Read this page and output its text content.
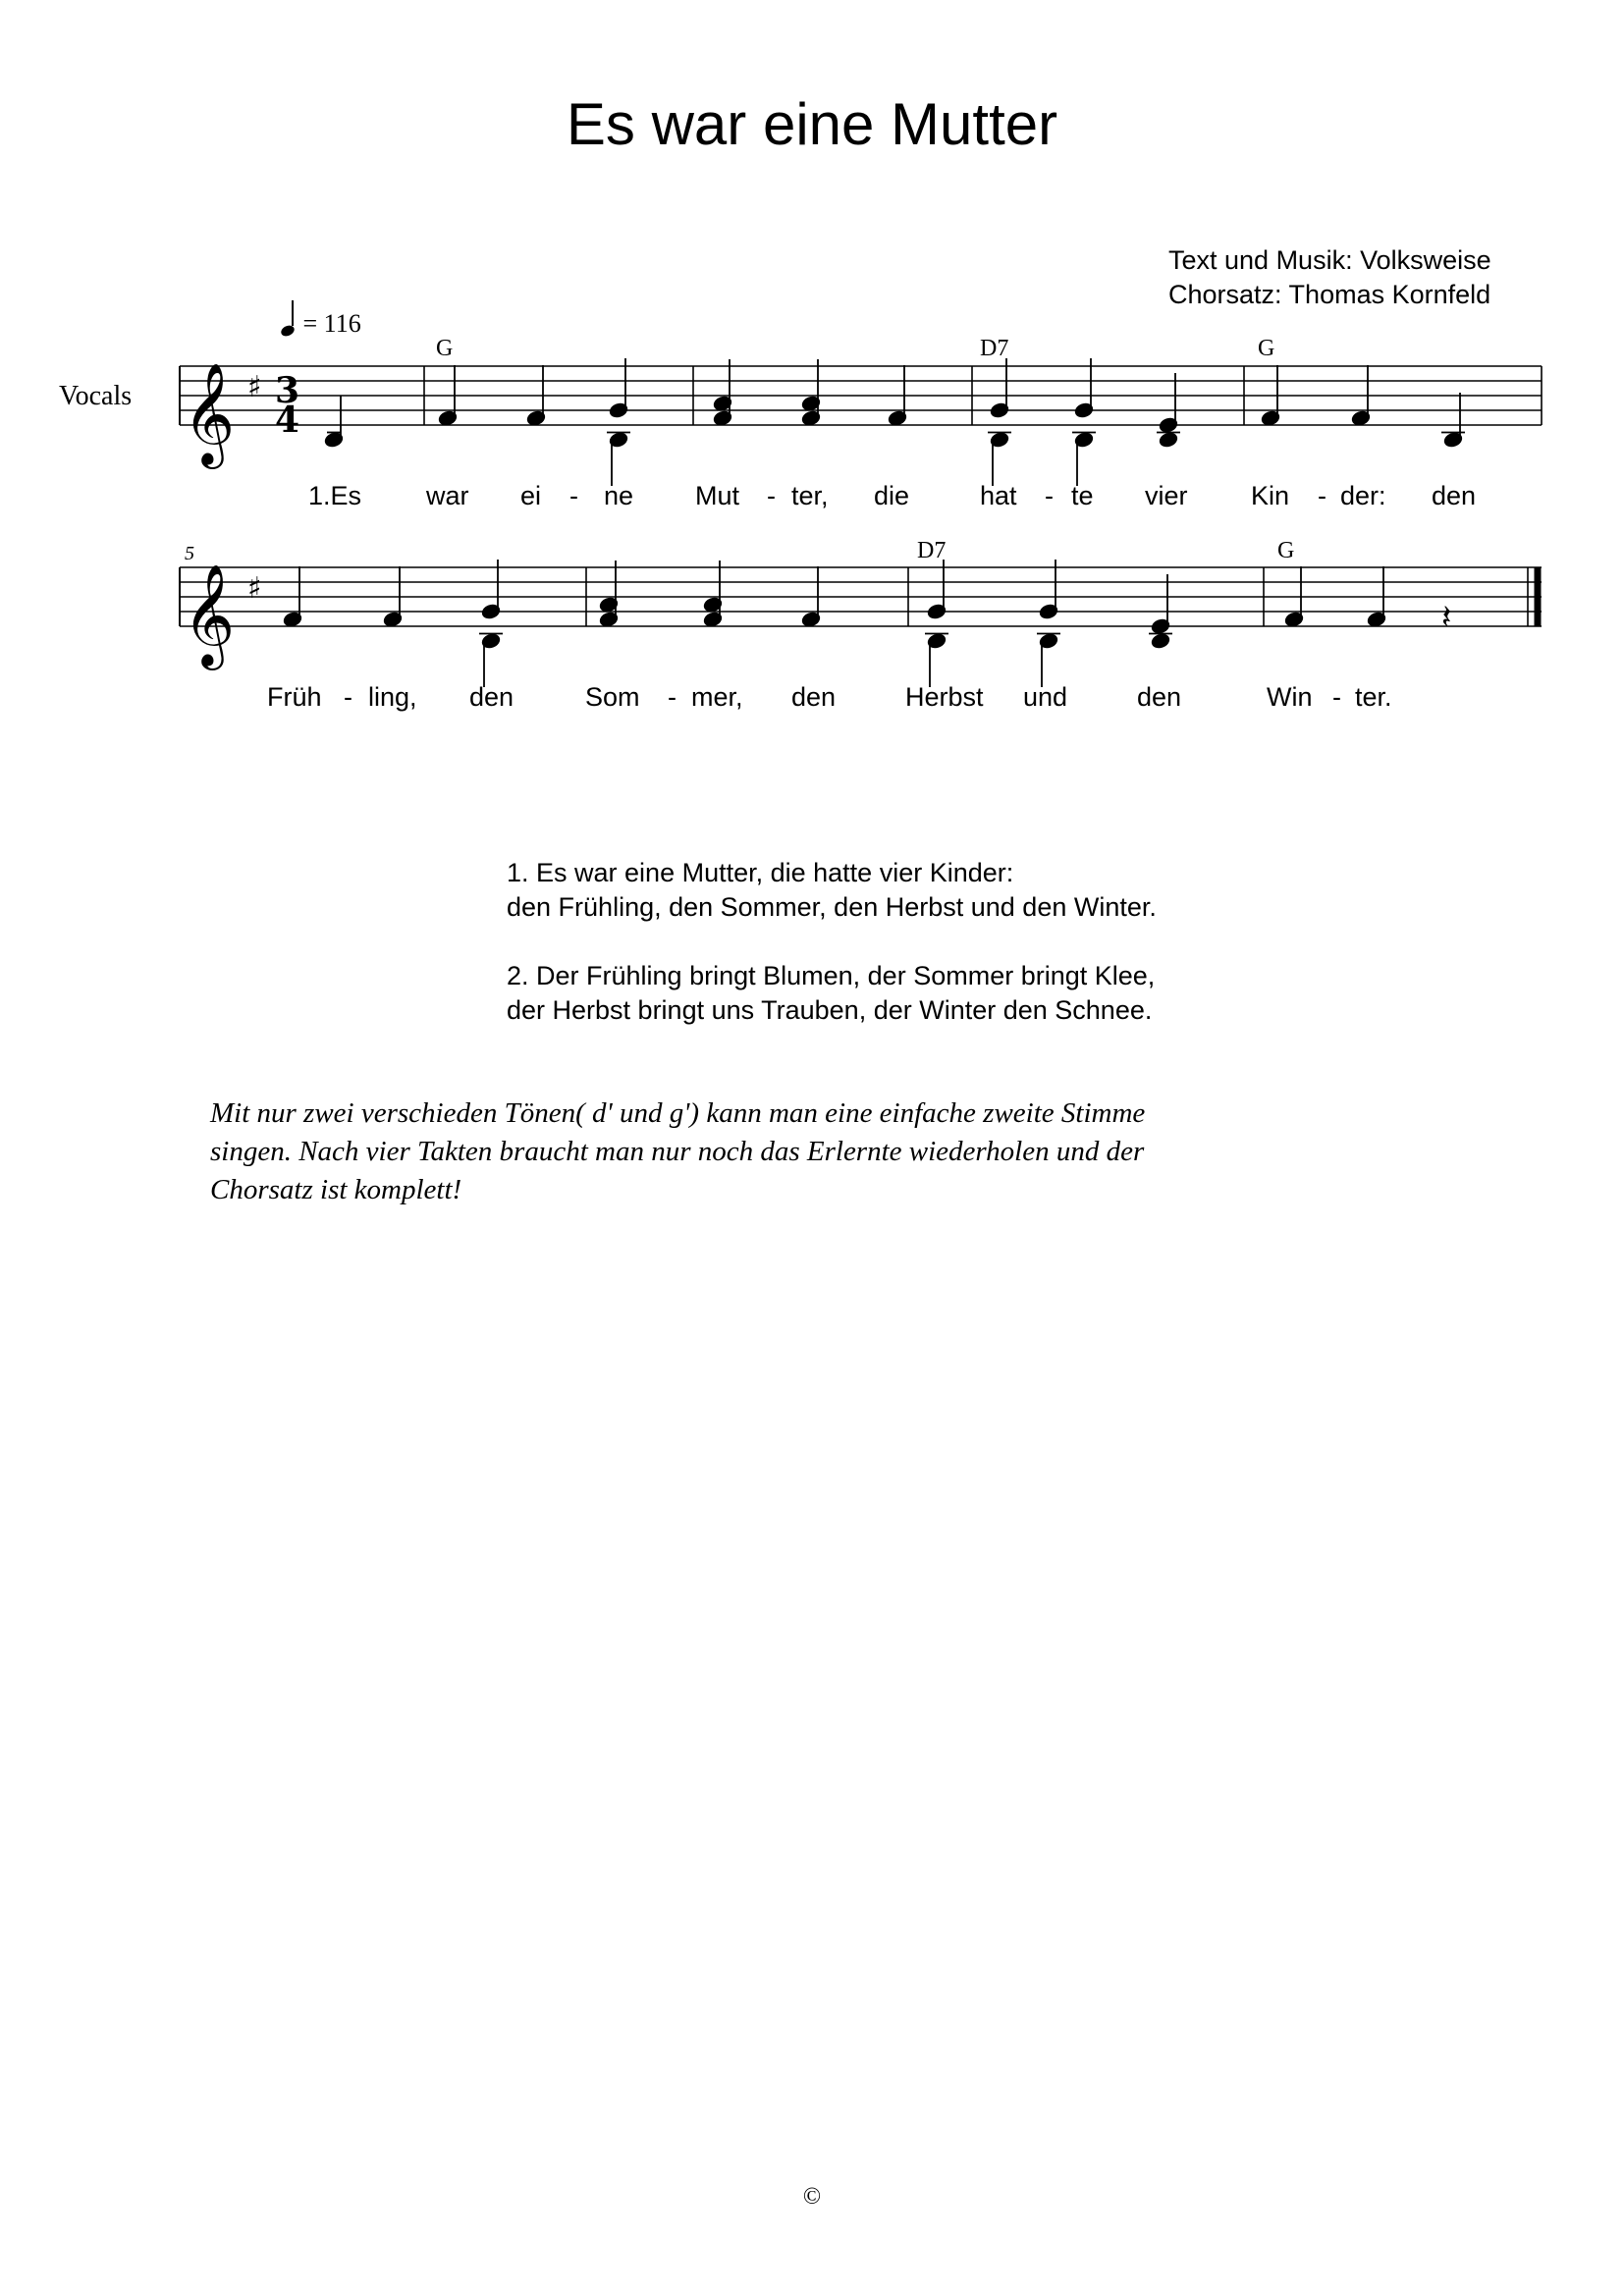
Es war eine Mutter
Text und Musik: Volksweise
Chorsatz: Thomas Kornfeld
Vocals
= 116
𝄞 ♯ 3
4
G	D7	G
1.Es war ei - ne Mut - ter, die	hat - te vier Kin - der: den
5
𝄞 ♯
D7	G
𝄽
Früh - ling, den	Som - mer, den	Herbst und	den	Win - ter.
1. Es war eine Mutter, die hatte vier Kinder:
den Frühling, den Sommer, den Herbst und den Winter.
2. Der Frühling bringt Blumen, der Sommer bringt Klee,
der Herbst bringt uns Trauben, der Winter den Schnee.
Mit nur zwei verschieden Tönen( d' und g') kann man eine einfache zweite Stimme
singen. Nach vier Takten braucht man nur noch das Erlernte wiederholen und der
Chorsatz ist komplett!
©
